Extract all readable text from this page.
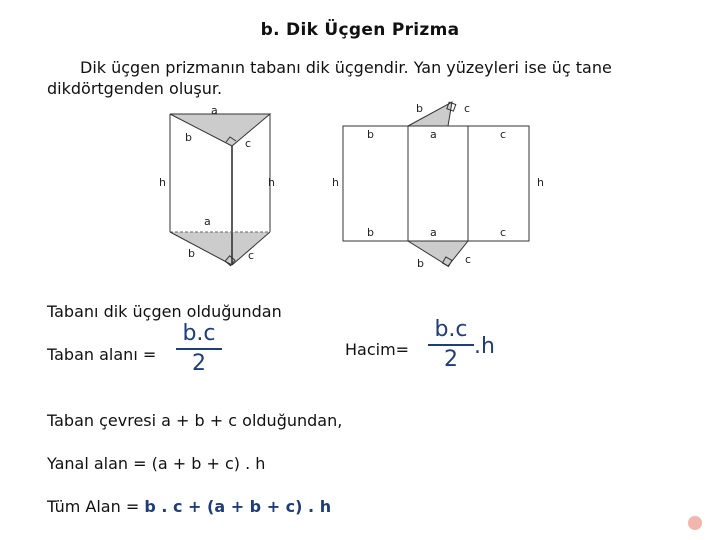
b. Dik Üçgen Prizma
Dik üçgen prizmanın tabanı dik üçgendir. Yan yüzeyleri ise üç tane
dikdörtgenden oluşur.
a
b	c
h	h
a
b	c
b	c
b	a	c
h	h
b	a	c
b	c
Tabanı dik üçgen olduğundan
Taban alanı =
b.c
2
Hacim=
b.c
2
.h
Taban çevresi a + b + c olduğundan,
Yanal alan = (a + b + c) . h
Tüm Alan = b . c + (a + b + c) . h
